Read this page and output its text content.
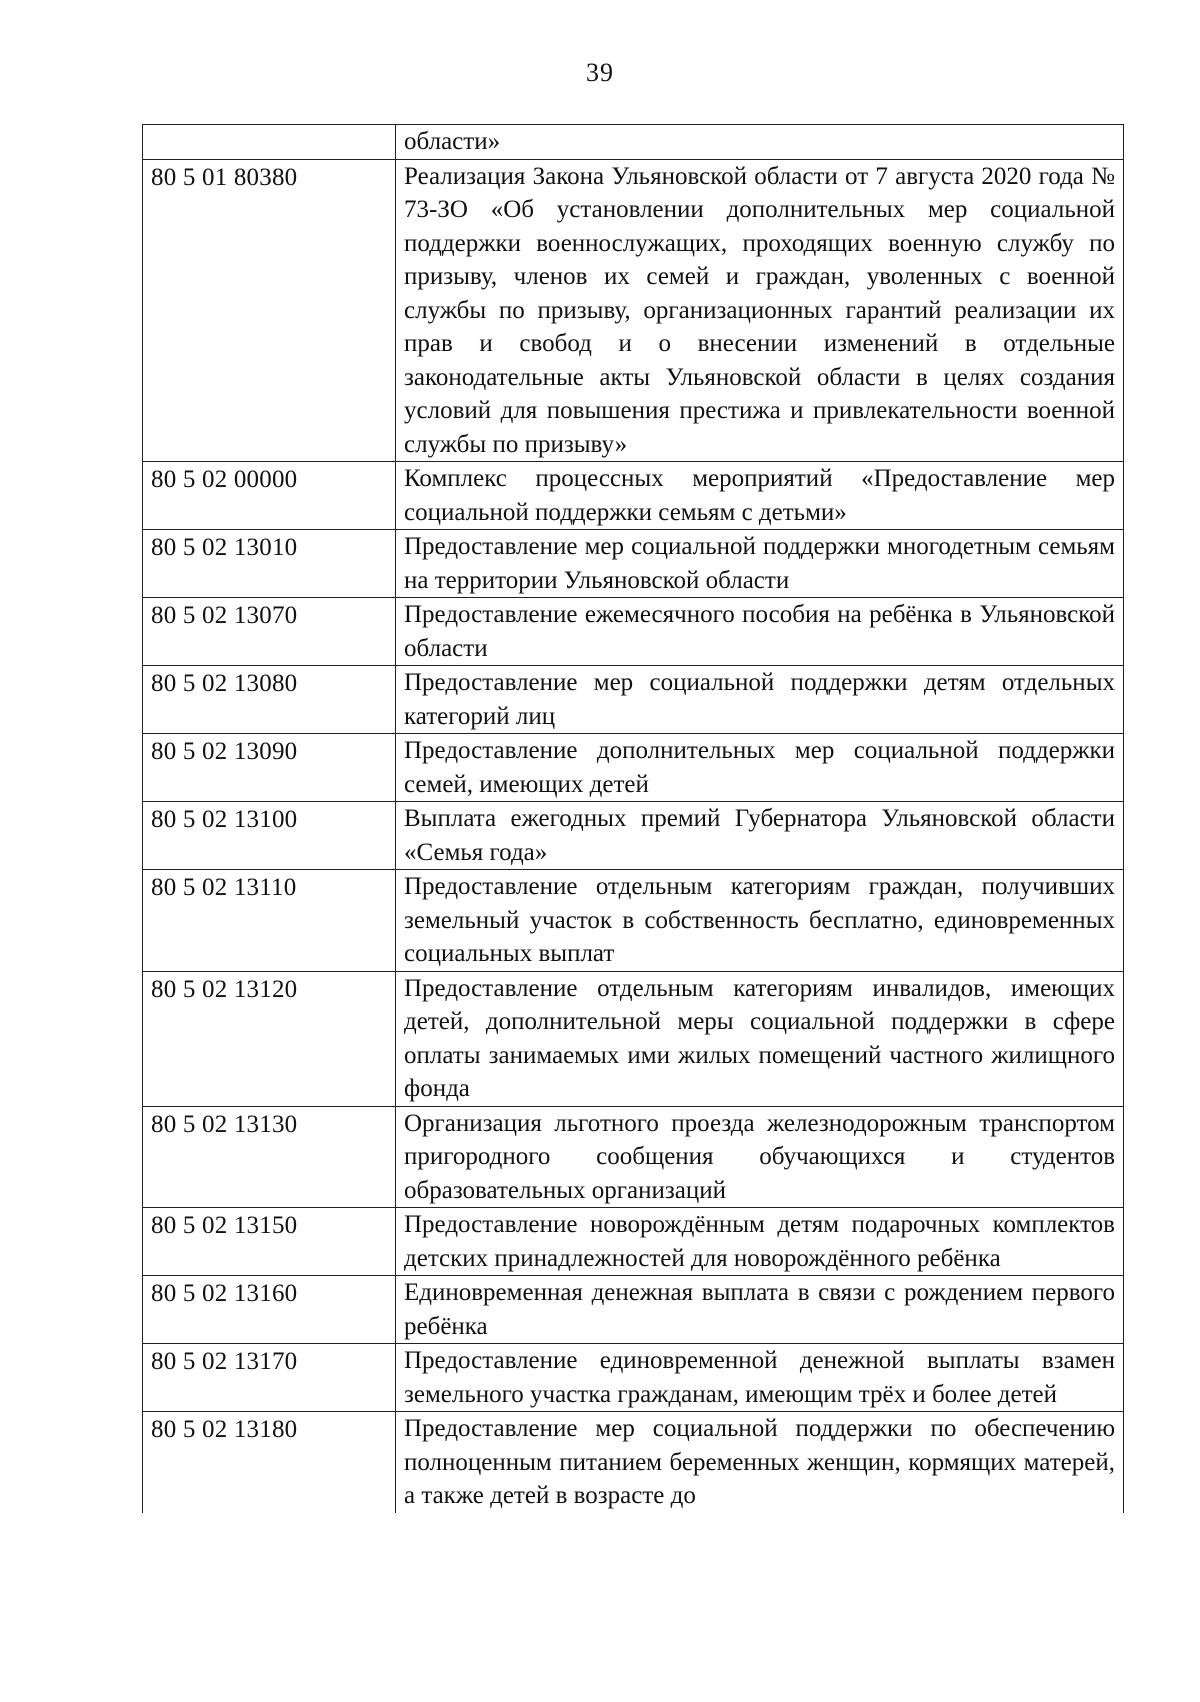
39
	области»
80 5 01 80380	Реализация Закона Ульяновской области от 7 августа 2020 года № 73-ЗО «Об установлении дополнительных мер социальной поддержки военнослужащих, проходящих военную службу по призыву, членов их семей и граждан, уволенных с военной службы по призыву, организационных гарантий реализации их прав и свобод и о внесении изменений в отдельные законодательные акты Ульяновской области в целях создания условий для повышения престижа и привлекательности военной службы по призыву»
80 5 02 00000	Комплекс процессных мероприятий «Предоставление мер социальной поддержки семьям с детьми»
80 5 02 13010	Предоставление мер социальной поддержки многодетным семьям на территории Ульяновской области
80 5 02 13070	Предоставление ежемесячного пособия на ребёнка в Ульяновской области
80 5 02 13080	Предоставление мер социальной поддержки детям отдельных категорий лиц
80 5 02 13090	Предоставление дополнительных мер социальной поддержки семей, имеющих детей
80 5 02 13100	Выплата ежегодных премий Губернатора Ульяновской области «Семья года»
80 5 02 13110	Предоставление отдельным категориям граждан, получивших земельный участок в собственность бесплатно, единовременных социальных выплат
80 5 02 13120	Предоставление отдельным категориям инвалидов, имеющих детей, дополнительной меры социальной поддержки в сфере оплаты занимаемых ими жилых помещений частного жилищного фонда
80 5 02 13130	Организация льготного проезда железнодорожным транспортом пригородного сообщения обучающихся и студентов образовательных организаций
80 5 02 13150	Предоставление новорождённым детям подарочных комплектов детских принадлежностей для новорождённого ребёнка
80 5 02 13160	Единовременная денежная выплата в связи с рождением первого ребёнка
80 5 02 13170	Предоставление единовременной денежной выплаты взамен земельного участка гражданам, имеющим трёх и более детей
80 5 02 13180	Предоставление мер социальной поддержки по обеспечению полноценным питанием беременных женщин, кормящих матерей, а также детей в возрасте до
